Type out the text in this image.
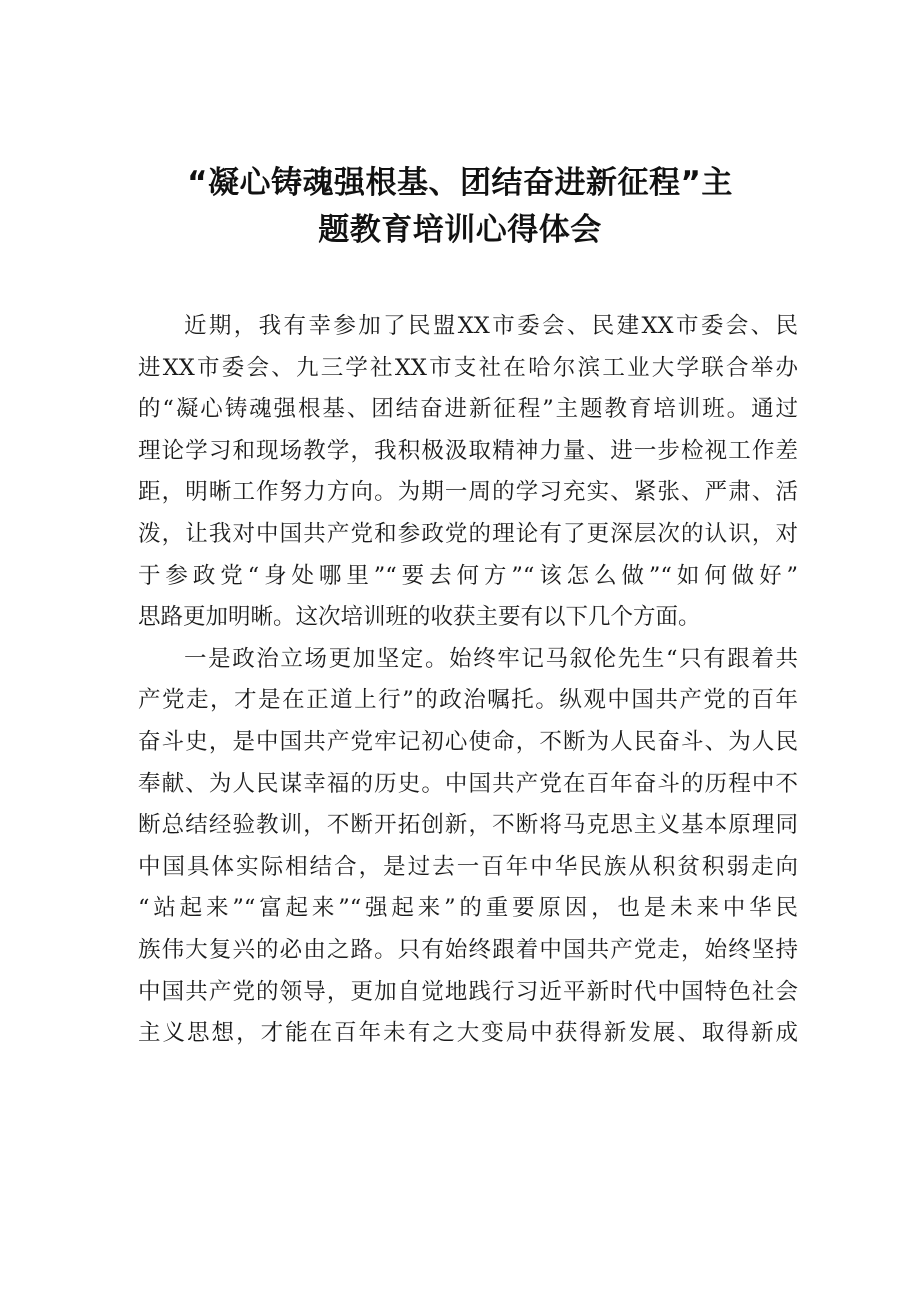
“凝心铸魂强根基、团结奋进新征程”主
题教育培训心得体会
近期，我有幸参加了民盟XX市委会、民建XX市委会、民
进XX市委会、九三学社XX市支社在哈尔滨工业大学联合举办
的“凝心铸魂强根基、团结奋进新征程”主题教育培训班。通过
理论学习和现场教学，我积极汲取精神力量、进一步检视工作差
距，明晰工作努力方向。为期一周的学习充实、紧张、严肃、活
泼，让我对中国共产党和参政党的理论有了更深层次的认识，对
于参政党“身处哪里”“要去何方”“该怎么做”“如何做好”
思路更加明晰。这次培训班的收获主要有以下几个方面。
一是政治立场更加坚定。始终牢记马叙伦先生“只有跟着共
产党走，才是在正道上行”的政治嘱托。纵观中国共产党的百年
奋斗史，是中国共产党牢记初心使命，不断为人民奋斗、为人民
奉献、为人民谋幸福的历史。中国共产党在百年奋斗的历程中不
断总结经验教训，不断开拓创新，不断将马克思主义基本原理同
中国具体实际相结合，是过去一百年中华民族从积贫积弱走向
“站起来”“富起来”“强起来”的重要原因，也是未来中华民
族伟大复兴的必由之路。只有始终跟着中国共产党走，始终坚持
中国共产党的领导，更加自觉地践行习近平新时代中国特色社会
主义思想，才能在百年未有之大变局中获得新发展、取得新成
